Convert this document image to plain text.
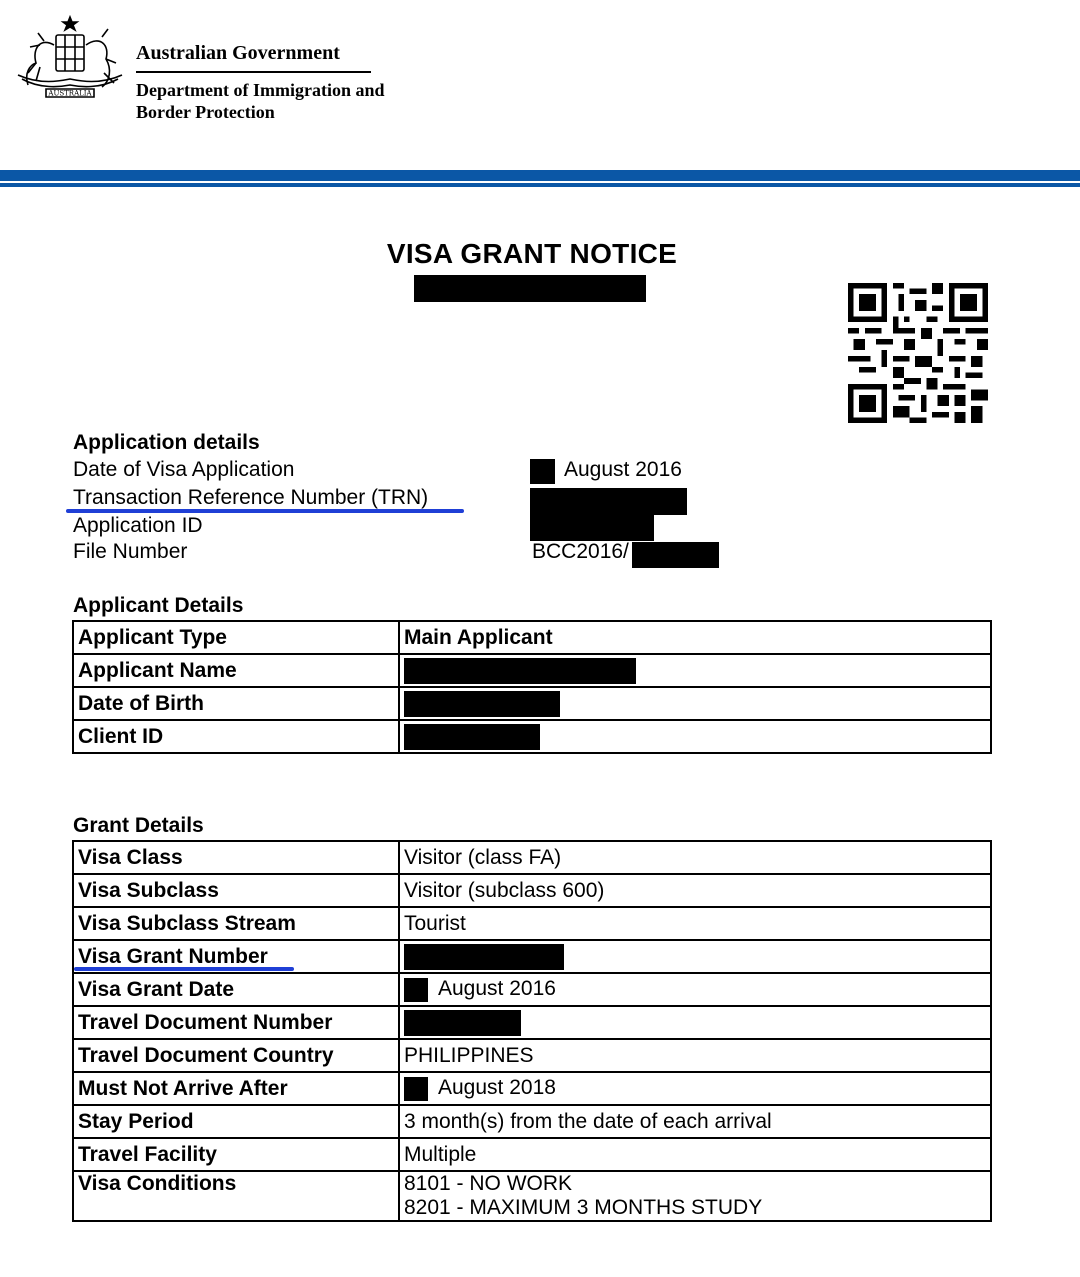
AUSTRALIA
Australian Government
Department of Immigration and Border Protection
VISA GRANT NOTICE
Application details
Date of Visa Application	August 2016
Transaction Reference Number (TRN)
Application ID
File Number	BCC2016/
Applicant Details
Applicant Type	Main Applicant
Applicant Name	
Date of Birth	
Client ID	
Grant Details
Visa Class	Visitor (class FA)
Visa Subclass	Visitor (subclass 600)
Visa Subclass Stream	Tourist
Visa Grant Number	
Visa Grant Date	August 2016
Travel Document Number	
Travel Document Country	PHILIPPINES
Must Not Arrive After	August 2018
Stay Period	3 month(s) from the date of each arrival
Travel Facility	Multiple
Visa Conditions	8101 - NO WORK
8201 - MAXIMUM 3 MONTHS STUDY
